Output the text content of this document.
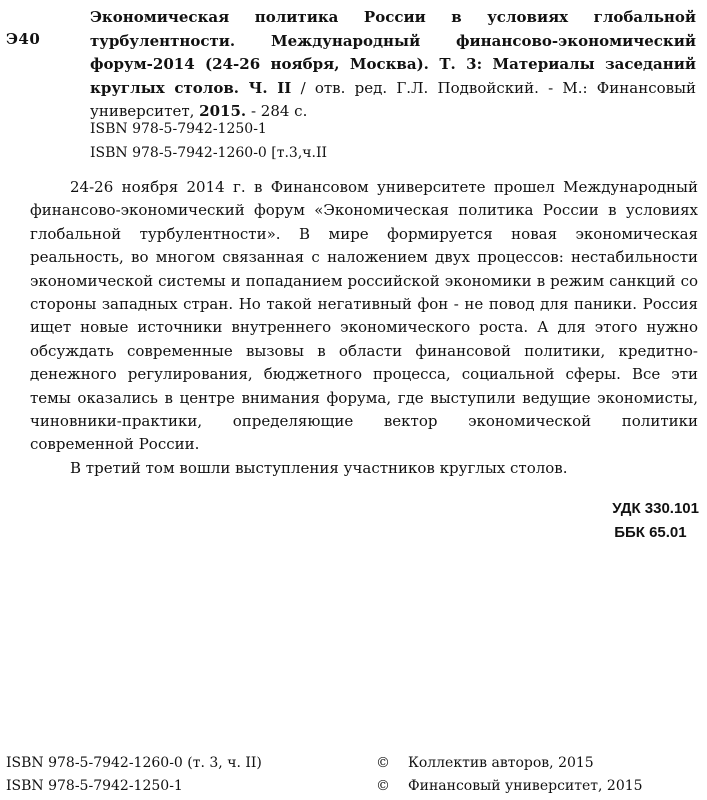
Э40
Экономическая политика России в условиях глобальной турбулентности. Международный финансово-экономический форум-2014 (24-26 ноября, Москва). Т. 3: Материалы заседаний круглых столов. Ч. II / отв. ред. Г.Л. Подвойский. - М.: Финансовый университет, 2015. - 284 с.
ISBN 978-5-7942-1250-1
ISBN 978-5-7942-1260-0 [т.3,ч.II

24-26 ноября 2014 г. в Финансовом университете прошел Международный финансово-экономический форум «Экономическая политика России в условиях глобальной турбулентности». В мире формируется новая экономическая реальность, во многом связанная с наложением двух процессов: нестабильности экономической системы и попаданием российской экономики в режим санкций со стороны западных стран. Но такой негативный фон - не повод для паники. Россия ищет новые источники внутреннего экономического роста. А для этого нужно обсуждать современные вызовы в области финансовой политики, кредитно-денежного регулирования, бюджетного процесса, социальной сферы. Все эти темы оказались в центре внимания форума, где выступили ведущие экономисты, чиновники-практики, определяющие вектор экономической политики современной России.

В третий том вошли выступления участников круглых столов.

УДК 330.101
ББК 65.01
ISBN 978-5-7942-1260-0 (т. 3, ч. II)	©	Коллектив авторов, 2015
ISBN 978-5-7942-1250-1	©	Финансовый университет, 2015
